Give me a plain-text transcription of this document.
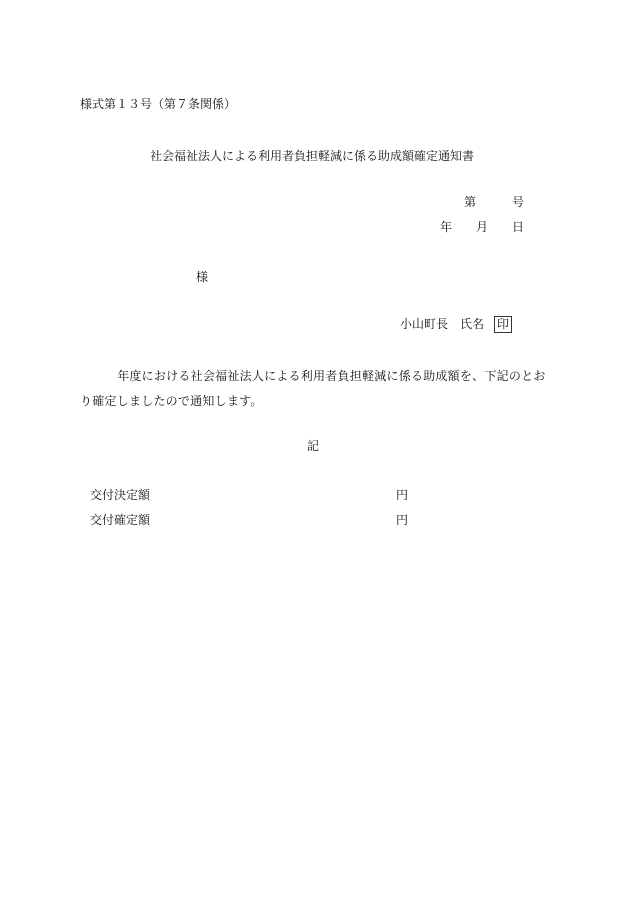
様式第１３号（第７条関係）
社会福祉法人による利用者負担軽減に係る助成額確定通知書
第	号
年 月 日
様
小山町長 氏名 印
年度における社会福祉法人による利用者負担軽減に係る助成額を、下記のとおり確定しましたので通知します。
記
交付決定額	円
交付確定額	円
